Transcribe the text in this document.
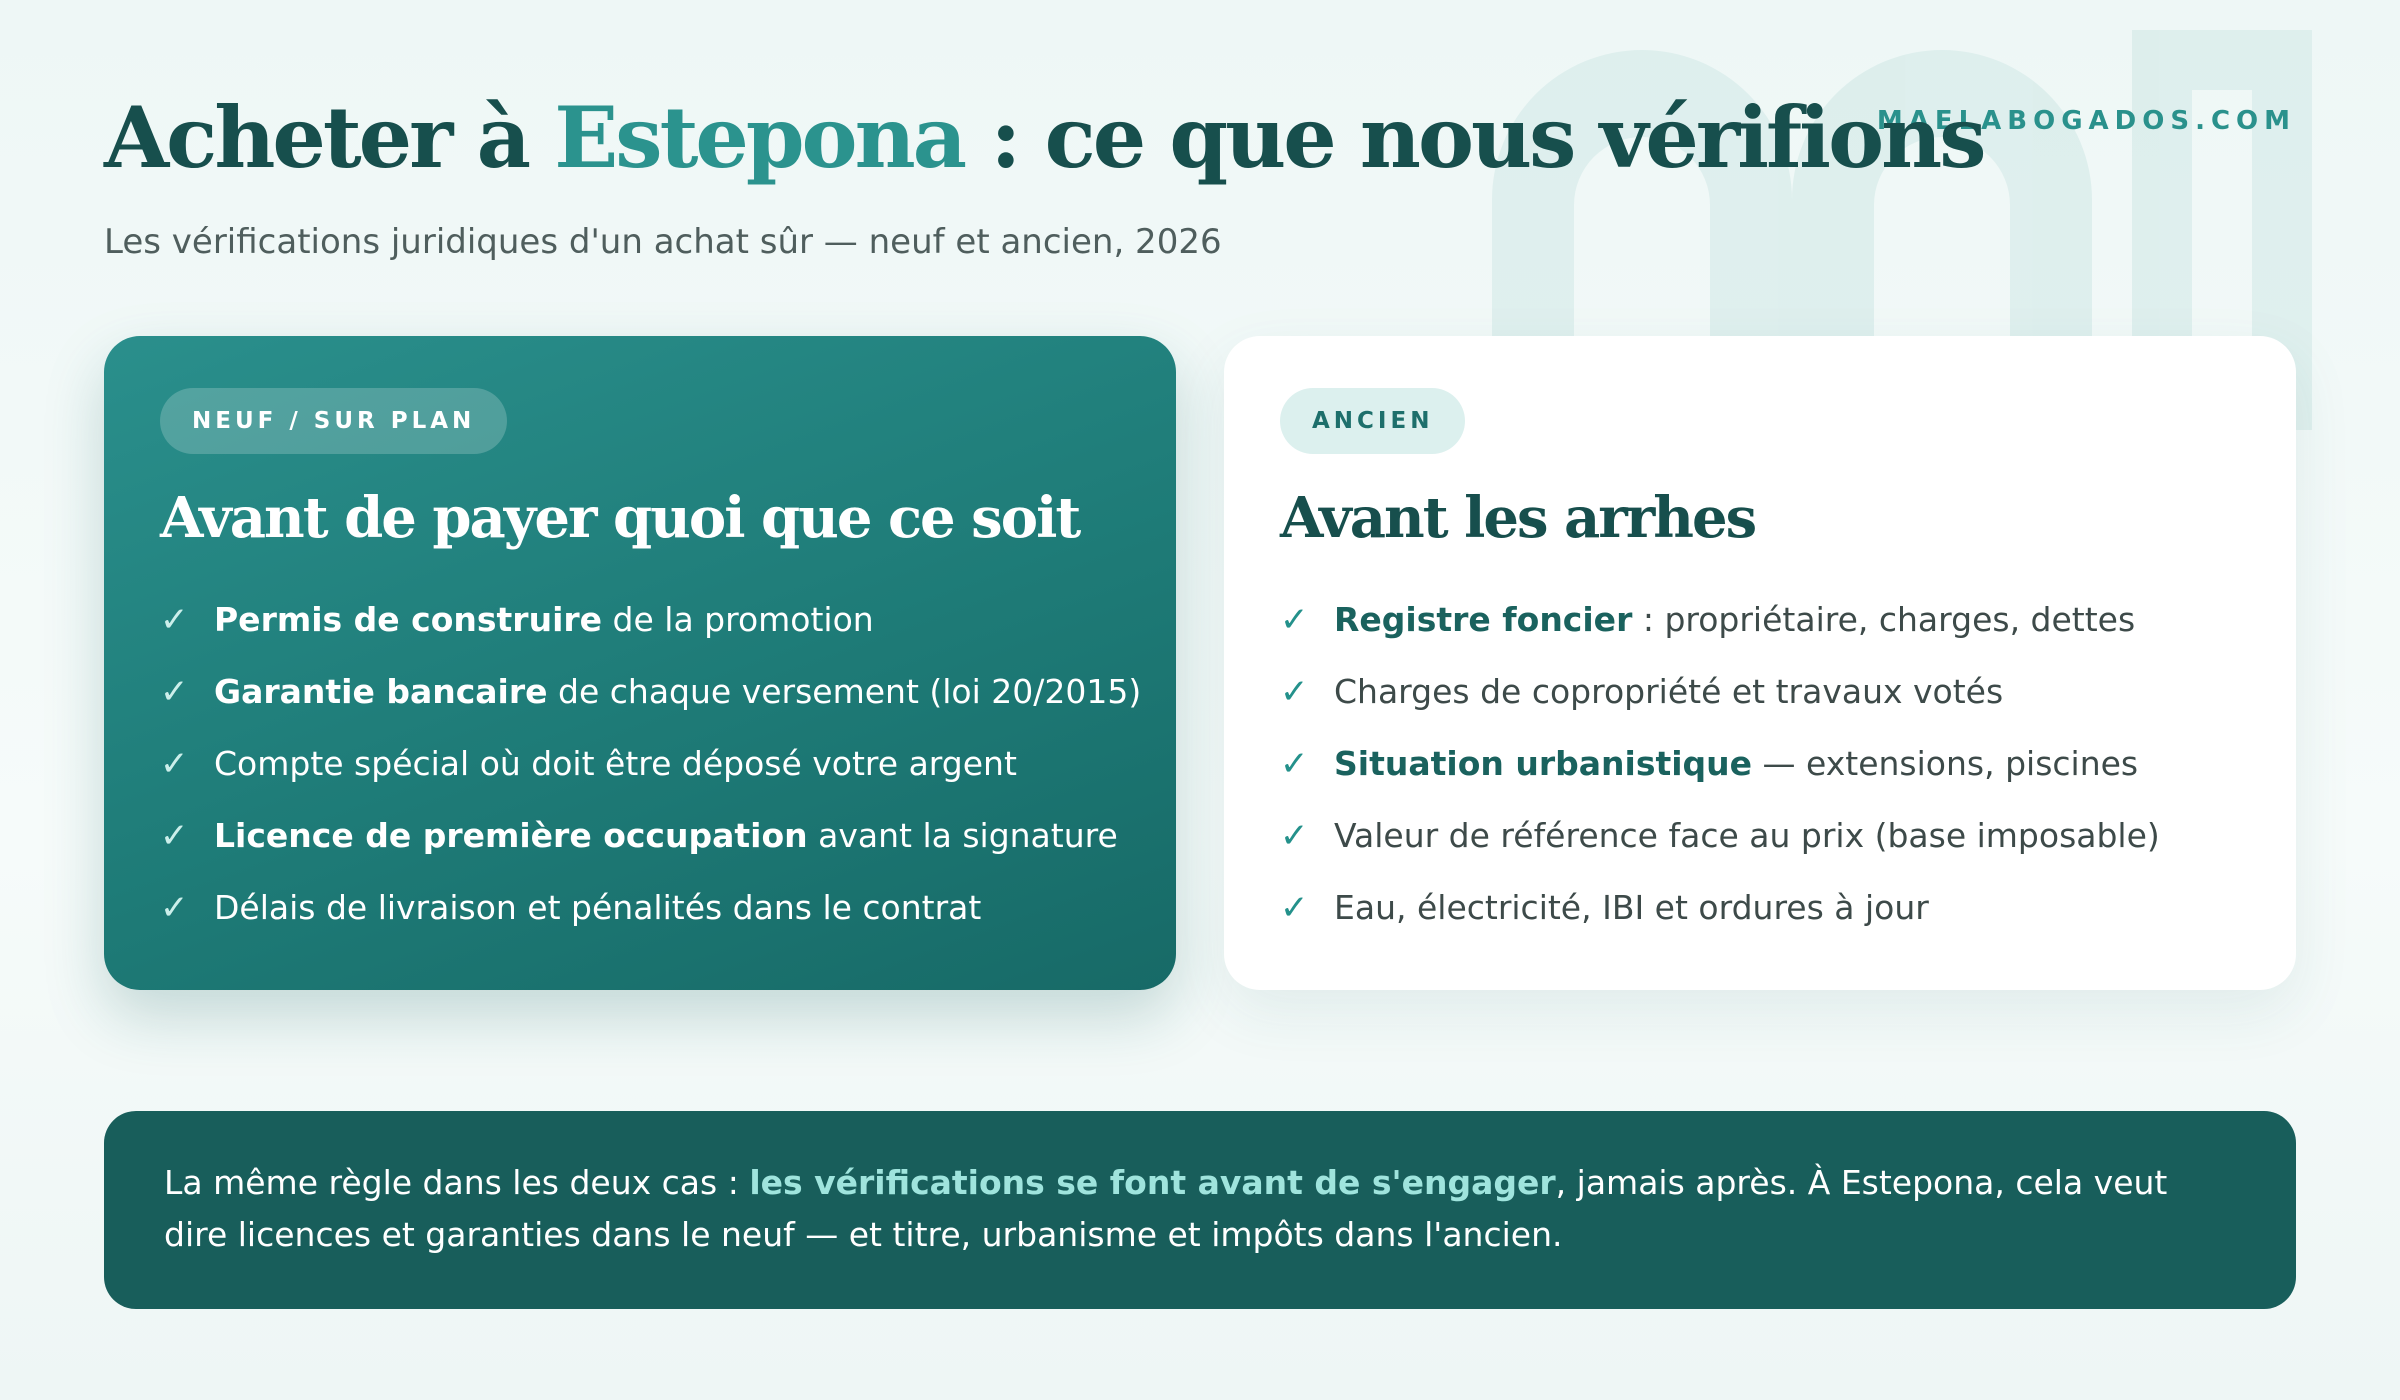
MAELABOGADOS.COM
Acheter à Estepona : ce que nous vérifions
Les vérifications juridiques d'un achat sûr — neuf et ancien, 2026
NEUF / SUR PLAN
Avant de payer quoi que ce soit
✓ Permis de construire de la promotion
✓ Garantie bancaire de chaque versement (loi 20/2015)
✓ Compte spécial où doit être déposé votre argent
✓ Licence de première occupation avant la signature
✓ Délais de livraison et pénalités dans le contrat
ANCIEN
Avant les arrhes
✓ Registre foncier : propriétaire, charges, dettes
✓ Charges de copropriété et travaux votés
✓ Situation urbanistique — extensions, piscines
✓ Valeur de référence face au prix (base imposable)
✓ Eau, électricité, IBI et ordures à jour
La même règle dans les deux cas : les vérifications se font avant de s'engager, jamais après. À Estepona, cela veut dire licences et garanties dans le neuf — et titre, urbanisme et impôts dans l'ancien.
